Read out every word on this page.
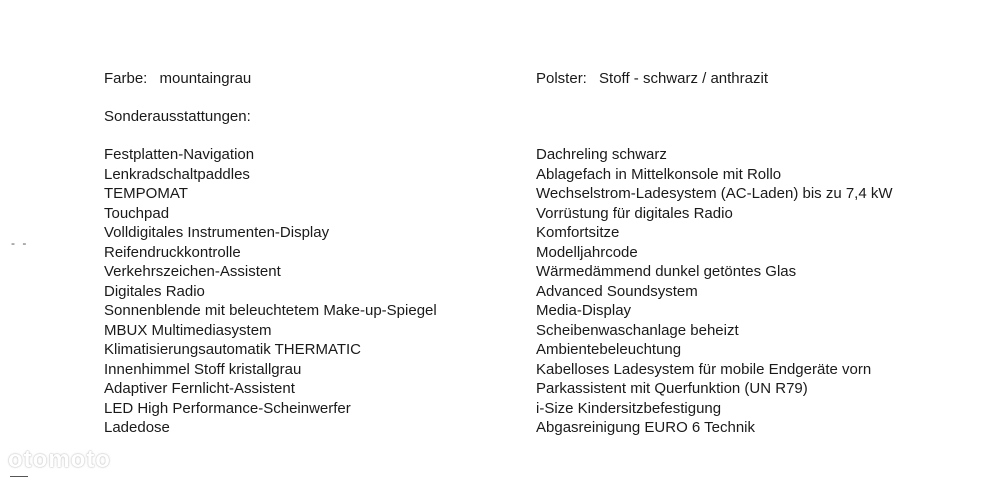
Farbe: mountaingrau	Polster: Stoff - schwarz / anthrazit
Sonderausstattungen:
Festplatten-Navigation
Lenkradschaltpaddles
TEMPOMAT
Touchpad
Volldigitales Instrumenten-Display
Reifendruckkontrolle
Verkehrszeichen-Assistent
Digitales Radio
Sonnenblende mit beleuchtetem Make-up-Spiegel
MBUX Multimediasystem
Klimatisierungsautomatik THERMATIC
Innenhimmel Stoff kristallgrau
Adaptiver Fernlicht-Assistent
LED High Performance-Scheinwerfer
Ladedose
Dachreling schwarz
Ablagefach in Mittelkonsole mit Rollo
Wechselstrom-Ladesystem (AC-Laden) bis zu 7,4 kW
Vorrüstung für digitales Radio
Komfortsitze
Modelljahrcode
Wärmedämmend dunkel getöntes Glas
Advanced Soundsystem
Media-Display
Scheibenwaschanlage beheizt
Ambientebeleuchtung
Kabelloses Ladesystem für mobile Endgeräte vorn
Parkassistent mit Querfunktion (UN R79)
i-Size Kindersitzbefestigung
Abgasreinigung EURO 6 Technik
- -
otomoto
